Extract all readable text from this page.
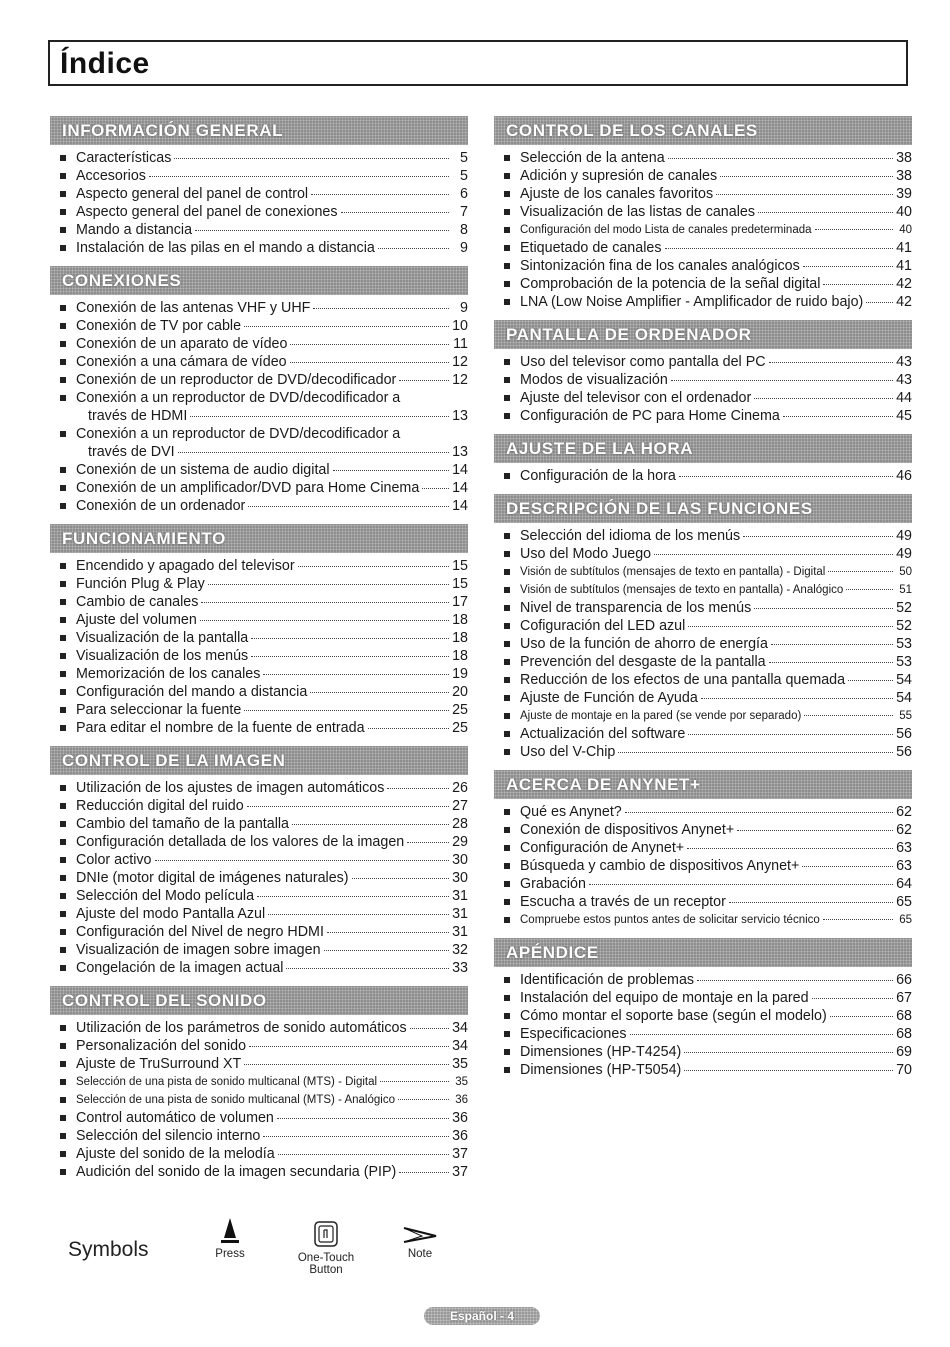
Índice
INFORMACIÓN GENERAL
Características	5
Accesorios	5
Aspecto general del panel de control	6
Aspecto general del panel de conexiones	7
Mando a distancia	8
Instalación de las pilas en el mando a distancia	9
CONEXIONES
Conexión de las antenas VHF y UHF	9
Conexión de TV por cable	10
Conexión de un aparato de vídeo	11
Conexión a una cámara de vídeo	12
Conexión de un reproductor de DVD/decodificador	12
Conexión a un reproductor de DVD/decodificador a
través de HDMI	13
Conexión a un reproductor de DVD/decodificador a
través de DVI	13
Conexión de un sistema de audio digital	14
Conexión de un amplificador/DVD para Home Cinema 14
Conexión de un ordenador	14
FUNCIONAMIENTO
Encendido y apagado del televisor	15
Función Plug & Play	15
Cambio de canales	17
Ajuste del volumen	18
Visualización de la pantalla	18
Visualización de los menús	18
Memorización de los canales	19
Configuración del mando a distancia	20
Para seleccionar la fuente	25
Para editar el nombre de la fuente de entrada	25
CONTROL DE LA IMAGEN
Utilización de los ajustes de imagen automáticos	26
Reducción digital del ruido	27
Cambio del tamaño de la pantalla	28
Configuración detallada de los valores de la imagen	29
Color activo	30
DNIe (motor digital de imágenes naturales)	30
Selección del Modo película	31
Ajuste del modo Pantalla Azul	31
Configuración del Nivel de negro HDMI	31
Visualización de imagen sobre imagen	32
Congelación de la imagen actual	33
CONTROL DEL SONIDO
Utilización de los parámetros de sonido automáticos	34
Personalización del sonido	34
Ajuste de TruSurround XT	35
Selección de una pista de sonido multicanal (MTS) - Digital	35
Selección de una pista de sonido multicanal (MTS) - Analógico	36
Control automático de volumen	36
Selección del silencio interno	36
Ajuste del sonido de la melodía	37
Audición del sonido de la imagen secundaria (PIP)	37
CONTROL DE LOS CANALES
Selección de la antena	38
Adición y supresión de canales	38
Ajuste de los canales favoritos	39
Visualización de las listas de canales	40
Configuración del modo Lista de canales predeterminada	40
Etiquetado de canales	41
Sintonización fina de los canales analógicos	41
Comprobación de la potencia de la señal digital	42
LNA (Low Noise Amplifier - Amplificador de ruido bajo) 42
PANTALLA DE ORDENADOR
Uso del televisor como pantalla del PC	43
Modos de visualización	43
Ajuste del televisor con el ordenador	44
Configuración de PC para Home Cinema	45
AJUSTE DE LA HORA
Configuración de la hora	46
DESCRIPCIÓN DE LAS FUNCIONES
Selección del idioma de los menús	49
Uso del Modo Juego	49
Visión de subtítulos (mensajes de texto en pantalla) - Digital	50
Visión de subtítulos (mensajes de texto en pantalla) - Analógico	51
Nivel de transparencia de los menús	52
Cofiguración del LED azul	52
Uso de la función de ahorro de energía	53
Prevención del desgaste de la pantalla	53
Reducción de los efectos de una pantalla quemada	54
Ajuste de Función de Ayuda	54
Ajuste de montaje en la pared (se vende por separado)	55
Actualización del software	56
Uso del V-Chip	56
ACERCA DE ANYNET+
Qué es Anynet?	62
Conexión de dispositivos Anynet+	62
Configuración de Anynet+	63
Búsqueda y cambio de dispositivos Anynet+	63
Grabación	64
Escucha a través de un receptor	65
Compruebe estos puntos antes de solicitar servicio técnico	65
APÉNDICE
Identificación de problemas	66
Instalación del equipo de montaje en la pared	67
Cómo montar el soporte base (según el modelo)	68
Especificaciones	68
Dimensiones (HP-T4254)	69
Dimensiones (HP-T5054)	70
Symbols	Press	One-Touch
Button
Note
Español - 4
